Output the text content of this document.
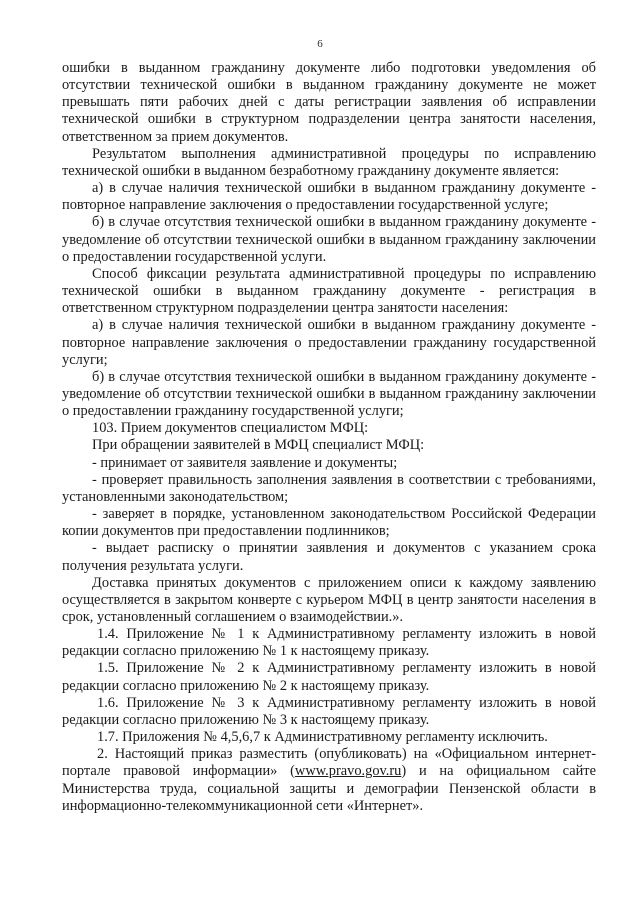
6

ошибки в выданном гражданину документе либо подготовки уведомления об отсутствии технической ошибки в выданном гражданину документе не может превышать пяти рабочих дней с даты регистрации заявления об исправлении технической ошибки в структурном подразделении центра занятости населения, ответственном за прием документов.

Результатом выполнения административной процедуры по исправлению технической ошибки в выданном безработному гражданину документе является:

а) в случае наличия технической ошибки в выданном гражданину документе - повторное направление заключения о предоставлении государственной услуге;

б) в случае отсутствия технической ошибки в выданном гражданину документе - уведомление об отсутствии технической ошибки в выданном гражданину заключении о предоставлении государственной услуги.

Способ фиксации результата административной процедуры по исправлению технической ошибки в выданном гражданину документе - регистрация в ответственном структурном подразделении центра занятости населения:

а) в случае наличия технической ошибки в выданном гражданину документе - повторное направление заключения о предоставлении гражданину государственной услуги;

б) в случае отсутствия технической ошибки в выданном гражданину документе - уведомление об отсутствии технической ошибки в выданном гражданину заключении о предоставлении гражданину государственной услуги;

103. Прием документов специалистом МФЦ:

При обращении заявителей в МФЦ специалист МФЦ:

- принимает от заявителя заявление и документы;

- проверяет правильность заполнения заявления в соответствии с требованиями, установленными законодательством;

- заверяет в порядке, установленном законодательством Российской Федерации копии документов при предоставлении подлинников;

- выдает расписку о принятии заявления и документов с указанием срока получения результата услуги.

Доставка принятых документов с приложением описи к каждому заявлению осуществляется в закрытом конверте с курьером МФЦ в центр занятости населения в срок, установленный соглашением о взаимодействии.».

1.4. Приложение № 1 к Административному регламенту изложить в новой редакции согласно приложению № 1 к настоящему приказу.

1.5. Приложение № 2 к Административному регламенту изложить в новой редакции согласно приложению № 2 к настоящему приказу.

1.6. Приложение № 3 к Административному регламенту изложить в новой редакции согласно приложению № 3 к настоящему приказу.

1.7. Приложения № 4,5,6,7 к Административному регламенту исключить.

2. Настоящий приказ разместить (опубликовать) на «Официальном интернет-портале правовой информации» (www.pravo.gov.ru) и на официальном сайте Министерства труда, социальной защиты и демографии Пензенской области в информационно-телекоммуникационной сети «Интернет».
